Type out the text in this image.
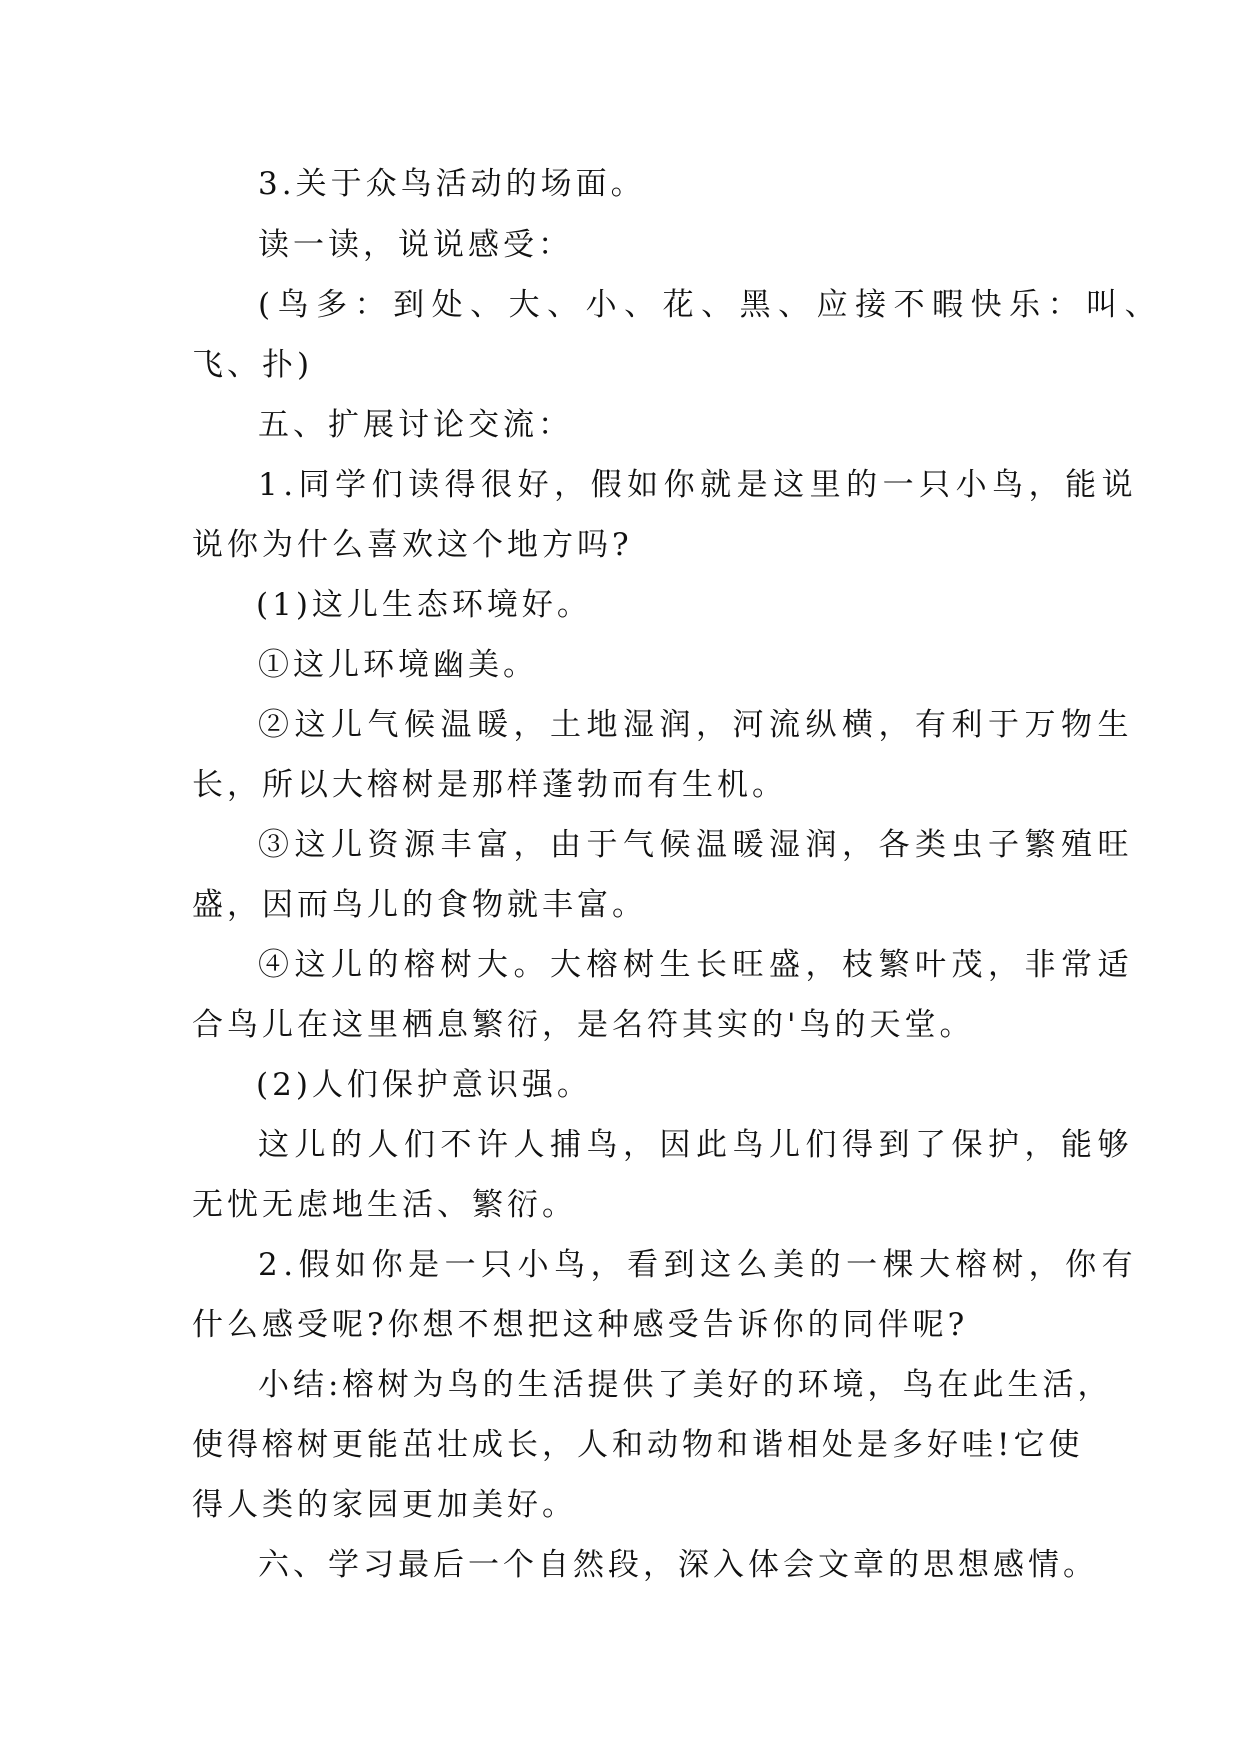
3.关于众鸟活动的场面。
读一读，说说感受：
(鸟多：到处、大、小、花、黑、应接不暇快乐：叫、
飞、扑)
五、扩展讨论交流：
1.同学们读得很好，假如你就是这里的一只小鸟，能说
说你为什么喜欢这个地方吗?
(1)这儿生态环境好。
①这儿环境幽美。
②这儿气候温暖，土地湿润，河流纵横，有利于万物生
长，所以大榕树是那样蓬勃而有生机。
③这儿资源丰富，由于气候温暖湿润，各类虫子繁殖旺
盛，因而鸟儿的食物就丰富。
④这儿的榕树大。大榕树生长旺盛，枝繁叶茂，非常适
合鸟儿在这里栖息繁衍，是名符其实的'鸟的天堂。
(2)人们保护意识强。
这儿的人们不许人捕鸟，因此鸟儿们得到了保护，能够
无忧无虑地生活、繁衍。
2.假如你是一只小鸟，看到这么美的一棵大榕树，你有
什么感受呢?你想不想把这种感受告诉你的同伴呢?
小结:榕树为鸟的生活提供了美好的环境，鸟在此生活，
使得榕树更能茁壮成长，人和动物和谐相处是多好哇!它使
得人类的家园更加美好。
六、学习最后一个自然段，深入体会文章的思想感情。
